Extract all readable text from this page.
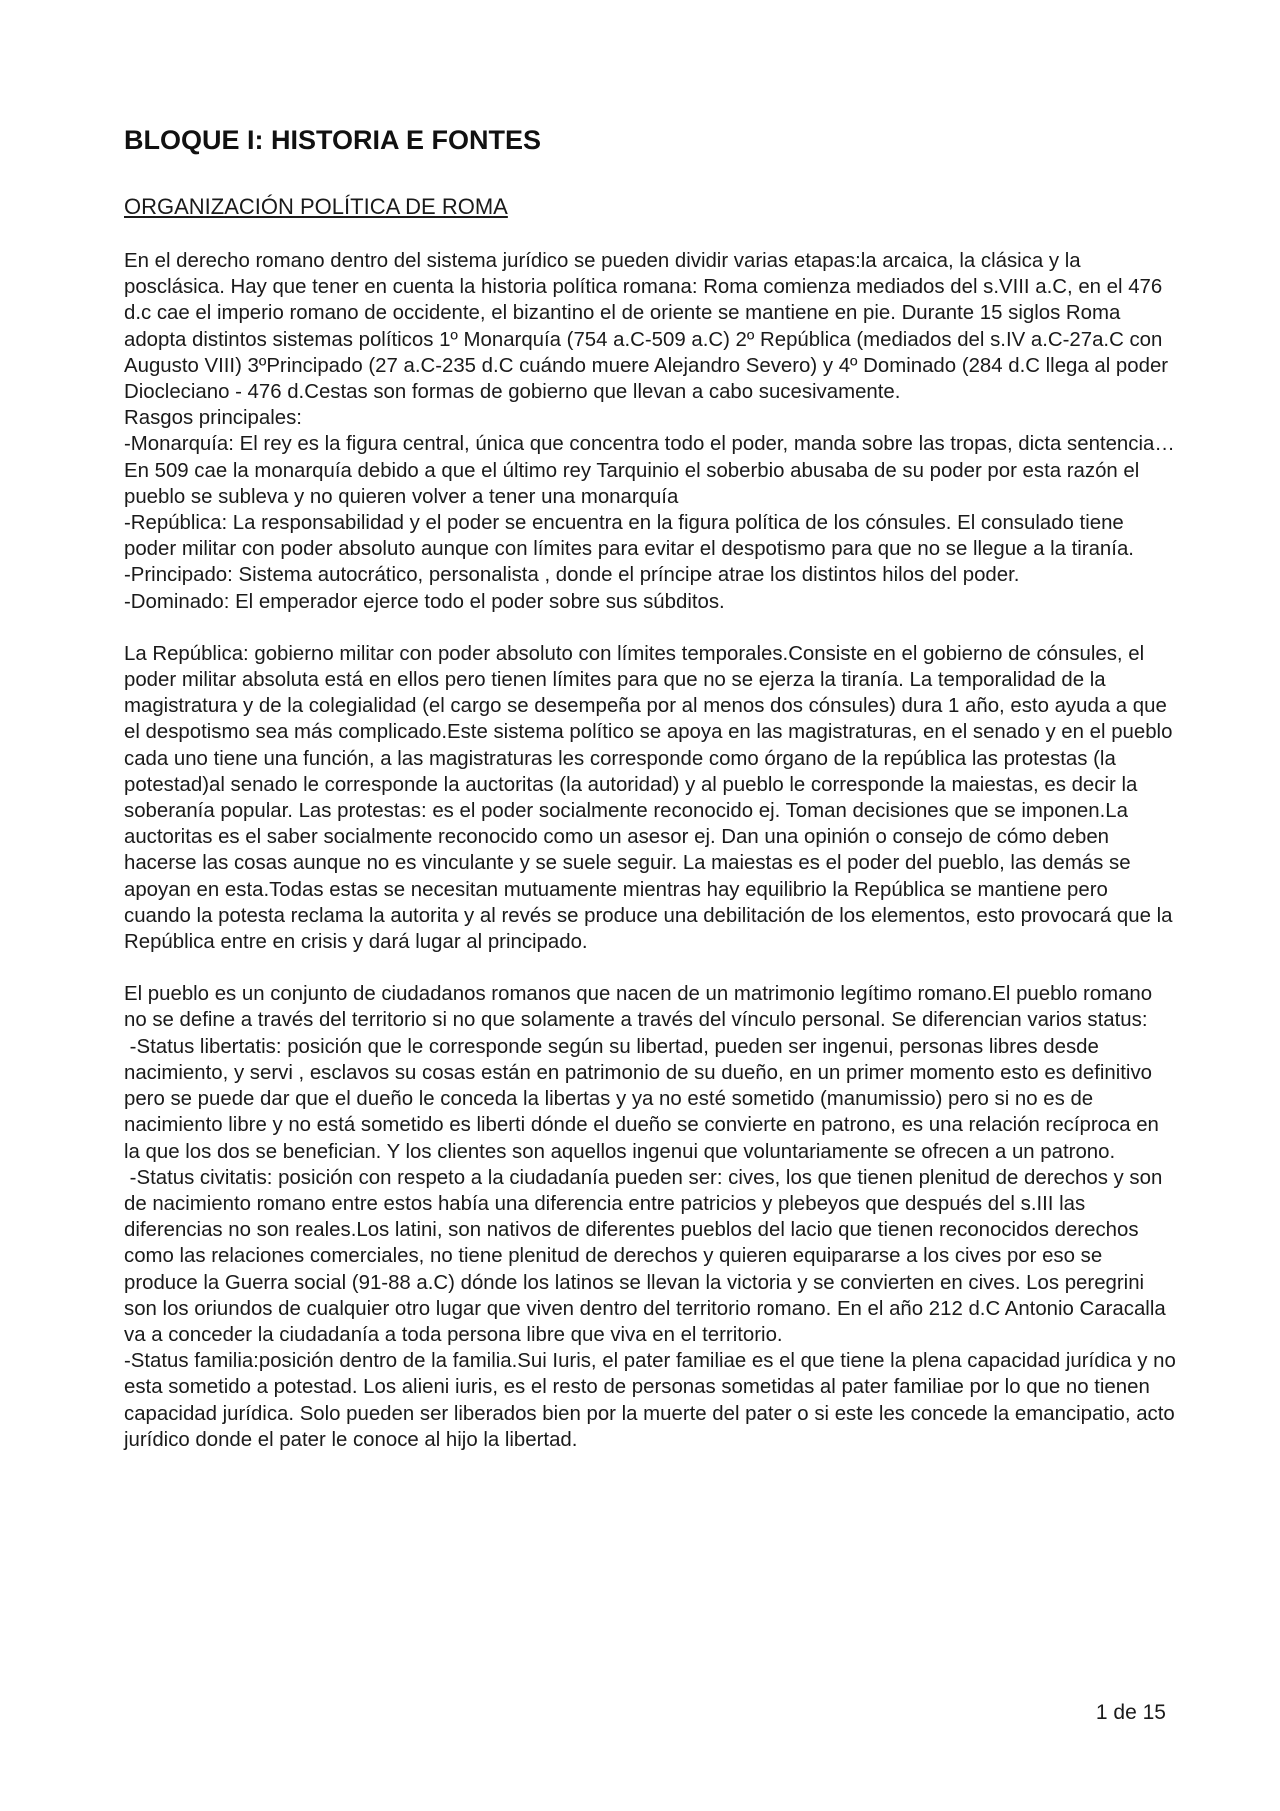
BLOQUE I: HISTORIA E FONTES
ORGANIZACIÓN POLÍTICA DE ROMA

En el derecho romano dentro del sistema jurídico se pueden dividir varias etapas:la arcaica, la clásica y la posclásica. Hay que tener en cuenta la historia política romana: Roma comienza mediados del s.VIII a.C, en el 476 d.c cae el imperio romano de occidente, el bizantino el de oriente se mantiene en pie. Durante 15 siglos Roma adopta distintos sistemas políticos 1º Monarquía (754 a.C-509 a.C) 2º República (mediados del s.IV a.C-27a.C con Augusto VIII) 3ºPrincipado (27 a.C-235 d.C cuándo muere Alejandro Severo) y 4º Dominado (284 d.C llega al poder Diocleciano - 476 d.Cestas son formas de gobierno que llevan a cabo sucesivamente.

Rasgos principales:

-Monarquía: El rey es la figura central, única que concentra todo el poder, manda sobre las tropas, dicta sentencia…En 509 cae la monarquía debido a que el último rey Tarquinio el soberbio abusaba de su poder por esta razón el pueblo se subleva y no quieren volver a tener una monarquía

-República: La responsabilidad y el poder se encuentra en la figura política de los cónsules. El consulado tiene poder militar con poder absoluto aunque con límites para evitar el despotismo para que no se llegue a la tiranía.

-Principado: Sistema autocrático, personalista , donde el príncipe atrae los distintos hilos del poder.

-Dominado: El emperador ejerce todo el poder sobre sus súbditos.

La República: gobierno militar con poder absoluto con límites temporales.Consiste en el gobierno de cónsules, el poder militar absoluta está en ellos pero tienen límites para que no se ejerza la tiranía. La temporalidad de la magistratura y de la colegialidad (el cargo se desempeña por al menos dos cónsules) dura 1 año, esto ayuda a que el despotismo sea más complicado.Este sistema político se apoya en las magistraturas, en el senado y en el pueblo cada uno tiene una función, a las magistraturas les corresponde como órgano de la república las protestas (la potestad)al senado le corresponde la auctoritas (la autoridad) y al pueblo le corresponde la maiestas, es decir la soberanía popular. Las protestas: es el poder socialmente reconocido ej. Toman decisiones que se imponen.La auctoritas es el saber socialmente reconocido como un asesor ej. Dan una opinión o consejo de cómo deben hacerse las cosas aunque no es vinculante y se suele seguir. La maiestas es el poder del pueblo, las demás se apoyan en esta.Todas estas se necesitan mutuamente mientras hay equilibrio la República se mantiene pero cuando la potesta reclama la autorita y al revés se produce una debilitación de los elementos, esto provocará que la República entre en crisis y dará lugar al principado.

El pueblo es un conjunto de ciudadanos romanos que nacen de un matrimonio legítimo romano.El pueblo romano no se define a través del territorio si no que solamente a través del vínculo personal. Se diferencian varios status:

-Status libertatis: posición que le corresponde según su libertad, pueden ser ingenui, personas libres desde nacimiento, y servi , esclavos su cosas están en patrimonio de su dueño, en un primer momento esto es definitivo pero se puede dar que el dueño le conceda la libertas y ya no esté sometido (manumissio) pero si no es de nacimiento libre y no está sometido es liberti dónde el dueño se convierte en patrono, es una relación recíproca en la que los dos se benefician. Y los clientes son aquellos ingenui que voluntariamente se ofrecen a un patrono.

-Status civitatis: posición con respeto a la ciudadanía pueden ser: cives, los que tienen plenitud de derechos y son de nacimiento romano entre estos había una diferencia entre patricios y plebeyos que después del s.III las diferencias no son reales.Los latini, son nativos de diferentes pueblos del lacio que tienen reconocidos derechos como las relaciones comerciales, no tiene plenitud de derechos y quieren equipararse a los cives por eso se produce la Guerra social (91-88 a.C) dónde los latinos se llevan la victoria y se convierten en cives. Los peregrini son los oriundos de cualquier otro lugar que viven dentro del territorio romano. En el año 212 d.C Antonio Caracalla va a conceder la ciudadanía a toda persona libre que viva en el territorio.

-Status familia:posición dentro de la familia.Sui Iuris, el pater familiae es el que tiene la plena capacidad jurídica y no esta sometido a potestad. Los alieni iuris, es el resto de personas sometidas al pater familiae por lo que no tienen capacidad jurídica. Solo pueden ser liberados bien por la muerte del pater o si este les concede la emancipatio, acto jurídico donde el pater le conoce al hijo la libertad.

1 de 15
